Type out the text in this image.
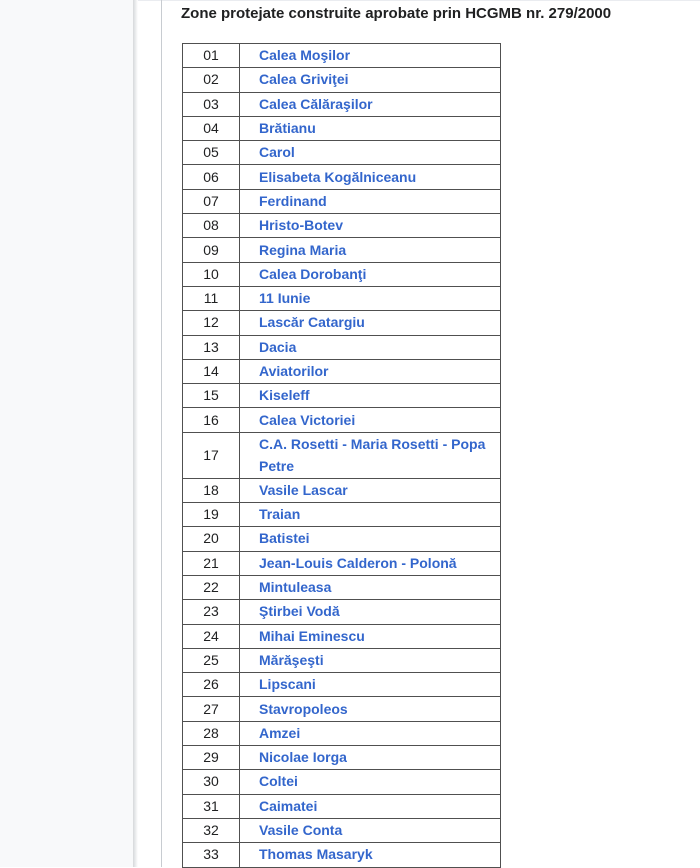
Zone protejate construite aprobate prin HCGMB nr. 279/2000
01	Calea Moşilor
02	Calea Griviţei
03	Calea Călăraşilor
04	Brătianu
05	Carol
06	Elisabeta Kogălniceanu
07	Ferdinand
08	Hristo-Botev
09	Regina Maria
10	Calea Dorobanţi
11	11 Iunie
12	Lascăr Catargiu
13	Dacia
14	Aviatorilor
15	Kiseleff
16	Calea Victoriei
17	C.A. Rosetti - Maria Rosetti - Popa Petre
18	Vasile Lascar
19	Traian
20	Batistei
21	Jean-Louis Calderon - Polonă
22	Mintuleasa
23	Ştirbei Vodă
24	Mihai Eminescu
25	Mărăşeşti
26	Lipscani
27	Stavropoleos
28	Amzei
29	Nicolae Iorga
30	Coltei
31	Caimatei
32	Vasile Conta
33	Thomas Masaryk
